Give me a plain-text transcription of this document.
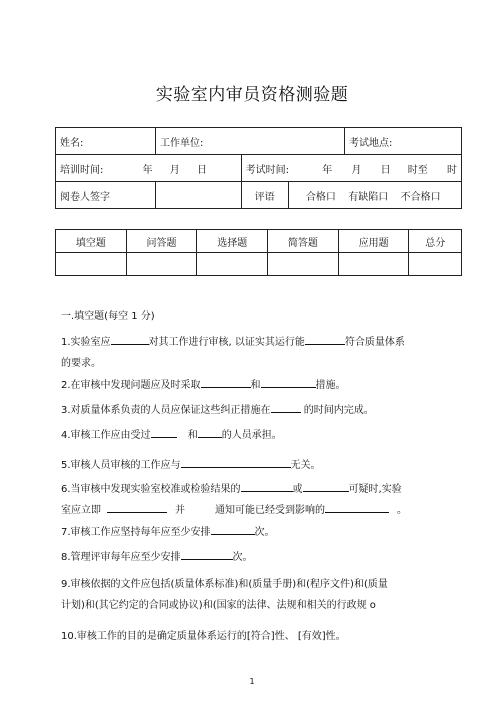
实验室内审员资格测验题
姓名:	工作单位:			考试地点:
培训时间: 年 月 日		考试时间: 年 月 日 时至 时		
阅卷人签字		评语	合格口 有缺陷口 不合格口	
填空题	问答题	选择题	简答题	应用题	总分

一.填空题(每空 1 分)
1.实验室应	对其工作进行审核, 以证实其运行能	符合质量体系
的要求。
2.在审核中发现问题应及时采取	和	措施。
3.对质量体系负责的人员应保证这些纠正措施在	的时间内完成。
4.审核工作应由受过	和 的人员承担。
5.审核人员审核的工作应与	无关。
6.当审核中发现实验室校准或检验结果的	或	可疑时,实验
室应立即	并	通知可能已经受到影响的	。
7.审核工作应坚持每年应至少安排	次。
8.管理评审每年应至少安排	次。
9.审核依据的文件应包括(质量体系标准)和(质量手册)和(程序文件)和(质量
计划)和(其它约定的合同或协议)和(国家的法律、法规和相关的行政规 o
10.审核工作的目的是确定质量体系运行的[符合]性、 [有效]性。
1
